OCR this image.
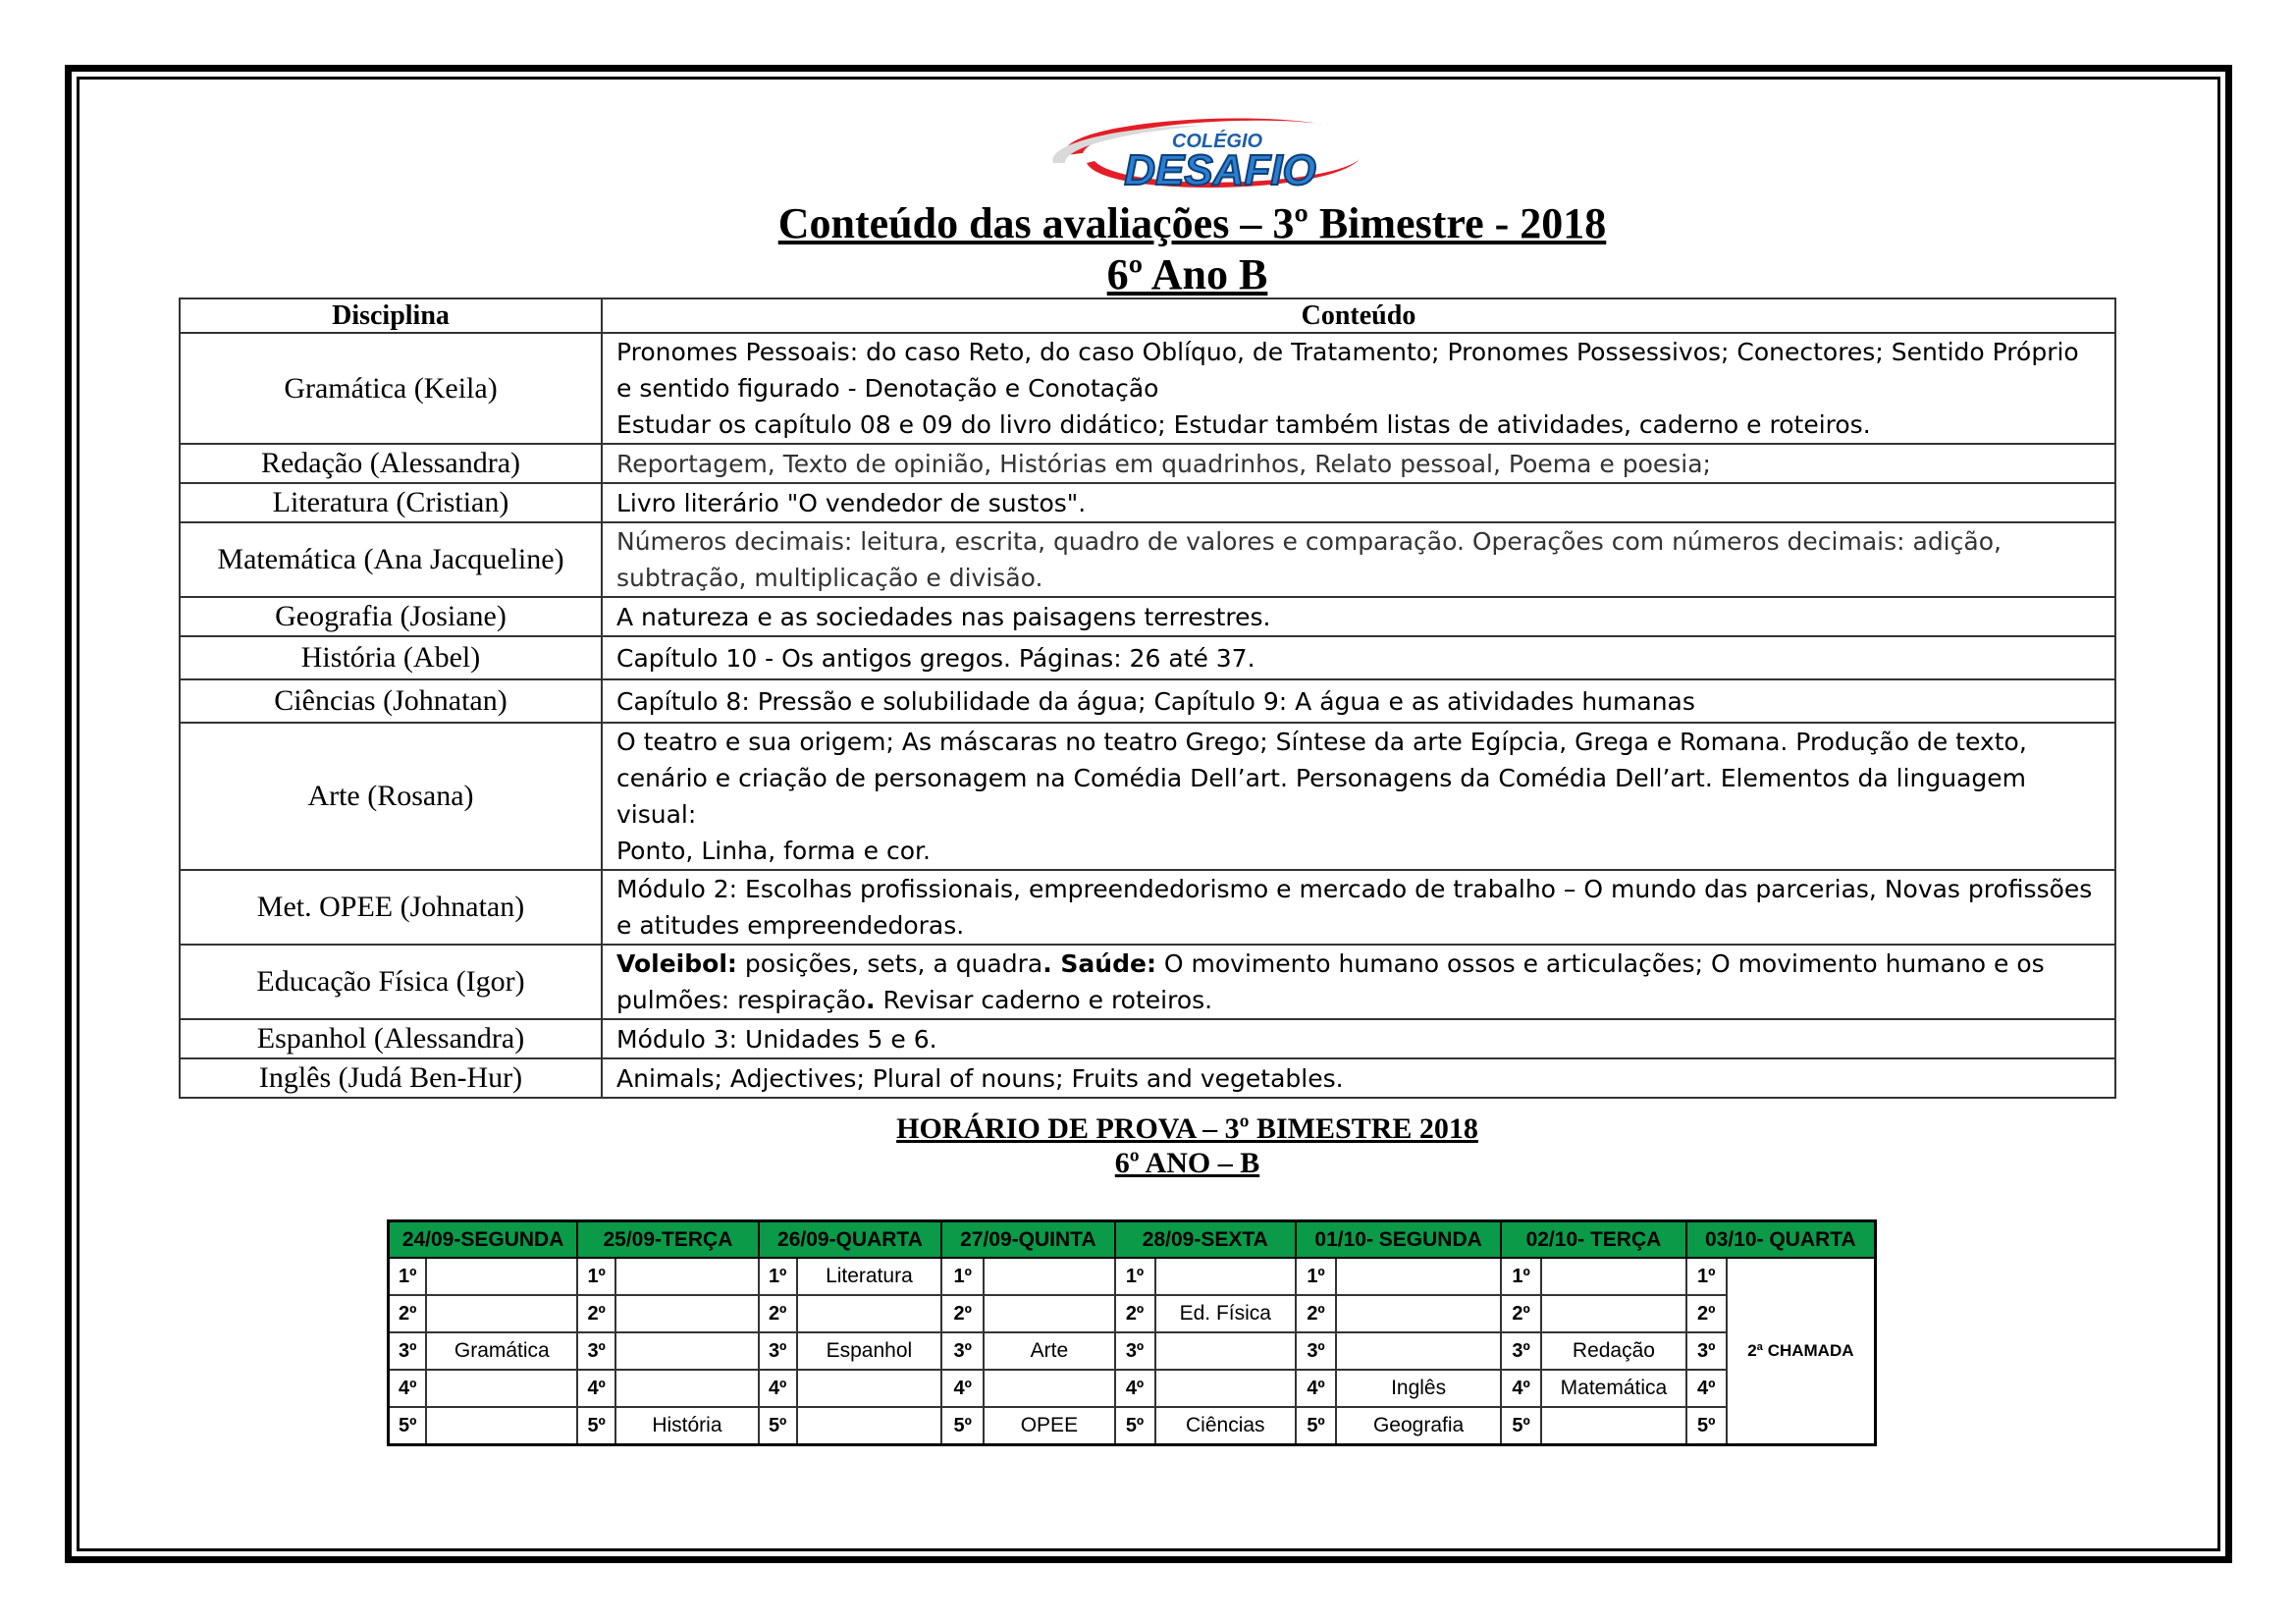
COLÉGIO
DESAFIO
Conteúdo das avaliações – 3º Bimestre - 2018
6º Ano B
Disciplina	Conteúdo
Gramática (Keila)	Pronomes Pessoais: do caso Reto, do caso Oblíquo, de Tratamento; Pronomes Possessivos; Conectores; Sentido Próprio
e sentido figurado - Denotação e Conotação
Estudar os capítulo 08 e 09 do livro didático; Estudar também listas de atividades, caderno e roteiros.

Redação (Alessandra)	Reportagem, Texto de opinião, Histórias em quadrinhos, Relato pessoal, Poema e poesia;
Literatura (Cristian)	Livro literário "O vendedor de sustos".
Matemática (Ana Jacqueline)	Números decimais: leitura, escrita, quadro de valores e comparação. Operações com números decimais: adição,
subtração, multiplicação e divisão.

Geografia (Josiane)	A natureza e as sociedades nas paisagens terrestres.
História (Abel)	Capítulo 10 - Os antigos gregos. Páginas: 26 até 37.
Ciências (Johnatan)	Capítulo 8: Pressão e solubilidade da água; Capítulo 9: A água e as atividades humanas
Arte (Rosana)	O teatro e sua origem; As máscaras no teatro Grego; Síntese da arte Egípcia, Grega e Romana. Produção de texto,
cenário e criação de personagem na Comédia Dell’art. Personagens da Comédia Dell’art. Elementos da linguagem visual:
Ponto, Linha, forma e cor.

Met. OPEE (Johnatan)	Módulo 2: Escolhas profissionais, empreendedorismo e mercado de trabalho – O mundo das parcerias, Novas profissões
e atitudes empreendedoras.

Educação Física (Igor)	Voleibol: posições, sets, a quadra. Saúde: O movimento humano ossos e articulações; O movimento humano e os
pulmões: respiração. Revisar caderno e roteiros.

Espanhol (Alessandra)	Módulo 3: Unidades 5 e 6.
Inglês (Judá Ben-Hur)	Animals; Adjectives; Plural of nouns; Fruits and vegetables.
HORÁRIO DE PROVA – 3º BIMESTRE 2018
6º ANO – B
24/09-SEGUNDA		25/09-TERÇA		26/09-QUARTA		27/09-QUINTA		28/09-SEXTA		01/10- SEGUNDA		02/10- TERÇA		03/10- QUARTA	
1º		1º		1º	Literatura	1º		1º		1º		1º		1º	2ª CHAMADA
2º		2º		2º		2º		2º	Ed. Física	2º		2º		2º	
3º	Gramática	3º		3º	Espanhol	3º	Arte	3º		3º		3º	Redação	3º	
4º		4º		4º		4º		4º		4º	Inglês	4º	Matemática	4º	
5º		5º	História	5º		5º	OPEE	5º	Ciências	5º	Geografia	5º		5º	
